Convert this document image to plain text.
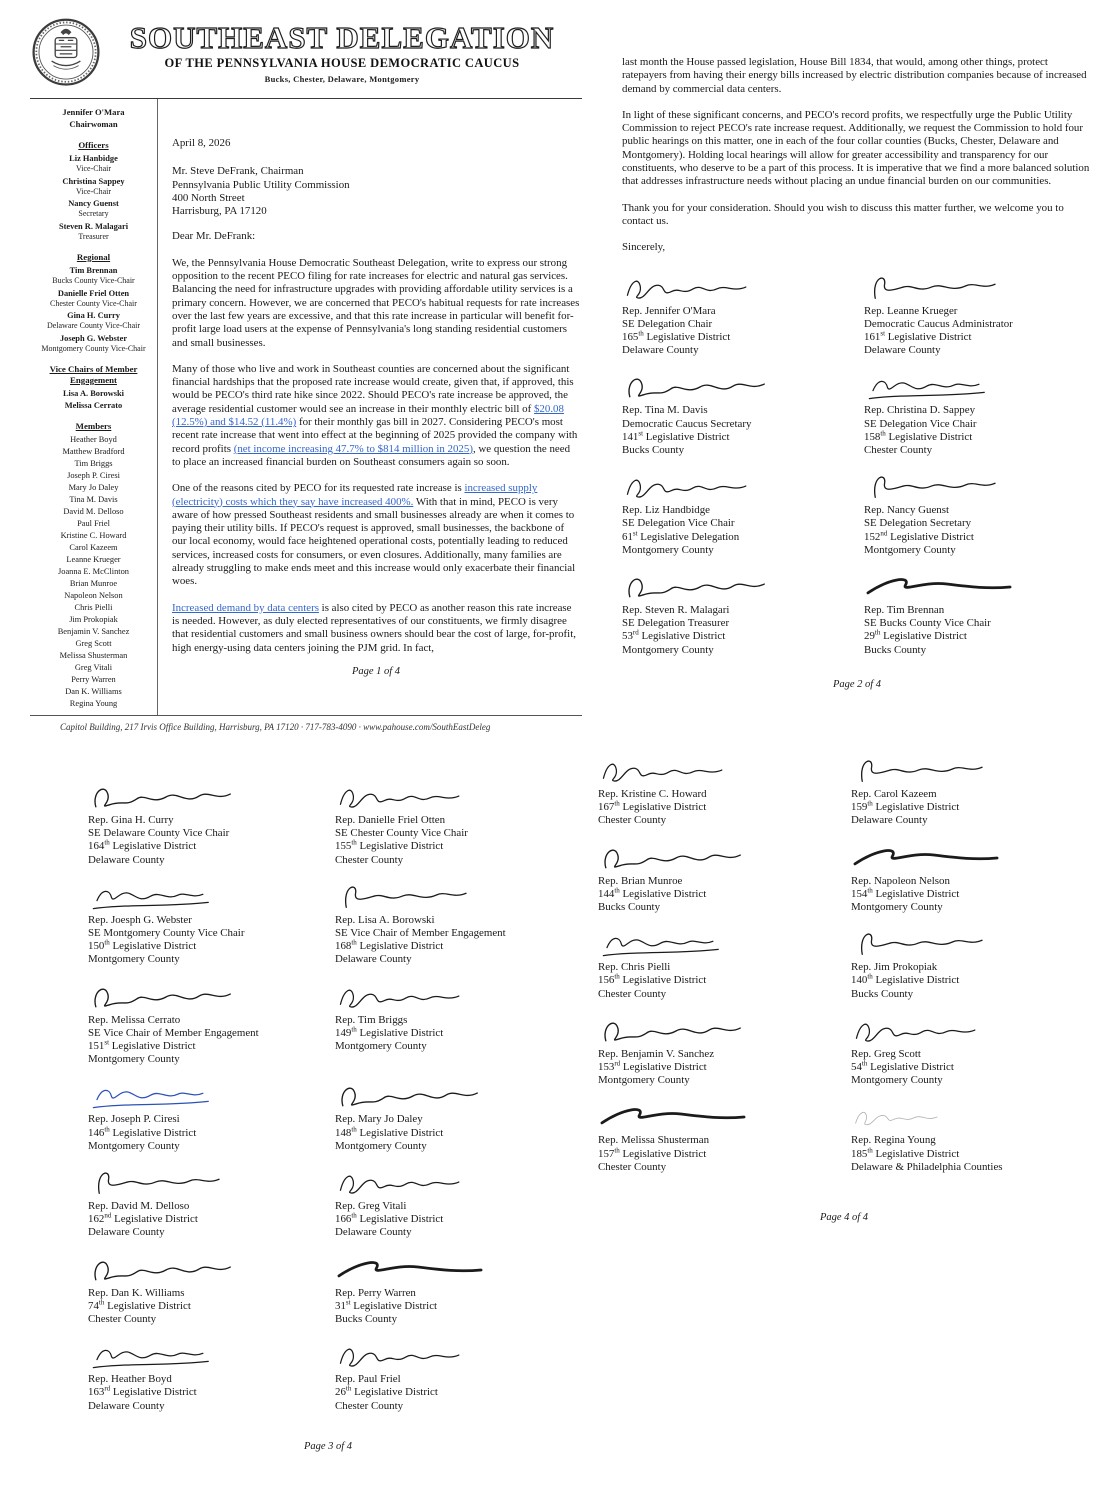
SOUTHEAST DELEGATION
OF THE PENNSYLVANIA HOUSE DEMOCRATIC CAUCUS
Bucks, Chester, Delaware, Montgomery
Jennifer O'Mara
Chairwoman
Officers
Liz Hanbidge
Vice-Chair
Christina Sappey
Vice-Chair
Nancy Guenst
Secretary
Steven R. Malagari
Treasurer
Regional
Tim Brennan
Bucks County Vice-Chair
Danielle Friel Otten
Chester County Vice-Chair
Gina H. Curry
Delaware County Vice-Chair
Joseph G. Webster
Montgomery County Vice-Chair
Vice Chairs of Member Engagement
Lisa A. Borowski
Melissa Cerrato
Members
Heather Boyd
Matthew Bradford
Tim Briggs
Joseph P. Ciresi
Mary Jo Daley
Tina M. Davis
David M. Delloso
Paul Friel
Kristine C. Howard
Carol Kazeem
Leanne Krueger
Joanna E. McClinton
Brian Munroe
Napoleon Nelson
Chris Pielli
Jim Prokopiak
Benjamin V. Sanchez
Greg Scott
Melissa Shusterman
Greg Vitali
Perry Warren
Dan K. Williams
Regina Young
April 8, 2026
Mr. Steve DeFrank, Chairman
Pennsylvania Public Utility Commission
400 North Street
Harrisburg, PA 17120
Dear Mr. DeFrank:

We, the Pennsylvania House Democratic Southeast Delegation, write to express our strong opposition to the recent PECO filing for rate increases for electric and natural gas services. Balancing the need for infrastructure upgrades with providing affordable utility services is a primary concern. However, we are concerned that PECO's habitual requests for rate increases over the last few years are excessive, and that this rate increase in particular will benefit for-profit large load users at the expense of Pennsylvania's long standing residential customers and small businesses.

Many of those who live and work in Southeast counties are concerned about the significant financial hardships that the proposed rate increase would create, given that, if approved, this would be PECO's third rate hike since 2022. Should PECO's rate increase be approved, the average residential customer would see an increase in their monthly electric bill of $20.08 (12.5%) and $14.52 (11.4%) for their monthly gas bill in 2027. Considering PECO's most recent rate increase that went into effect at the beginning of 2025 provided the company with record profits (net income increasing 47.7% to $814 million in 2025), we question the need to place an increased financial burden on Southeast consumers again so soon.

One of the reasons cited by PECO for its requested rate increase is increased supply (electricity) costs which they say have increased 400%. With that in mind, PECO is very aware of how pressed Southeast residents and small businesses already are when it comes to paying their utility bills. If PECO's request is approved, small businesses, the backbone of our local economy, would face heightened operational costs, potentially leading to reduced services, increased costs for consumers, or even closures. Additionally, many families are already struggling to make ends meet and this increase would only exacerbate their financial woes.

Increased demand by data centers is also cited by PECO as another reason this rate increase is needed. However, as duly elected representatives of our constituents, we firmly disagree that residential customers and small business owners should bear the cost of large, for-profit, high energy-using data centers joining the PJM grid. In fact,

Page 1 of 4
Capitol Building, 217 Irvis Office Building, Harrisburg, PA 17120 · 717-783-4090 · www.pahouse.com/SouthEastDeleg

last month the House passed legislation, House Bill 1834, that would, among other things, protect ratepayers from having their energy bills increased by electric distribution companies because of increased demand by commercial data centers.

In light of these significant concerns, and PECO's record profits, we respectfully urge the Public Utility Commission to reject PECO's rate increase request. Additionally, we request the Commission to hold four public hearings on this matter, one in each of the four collar counties (Bucks, Chester, Delaware and Montgomery). Holding local hearings will allow for greater accessibility and transparency for our constituents, who deserve to be a part of this process. It is imperative that we find a more balanced solution that addresses infrastructure needs without placing an undue financial burden on our communities.

Thank you for your consideration. Should you wish to discuss this matter further, we welcome you to contact us.

Sincerely,
Rep. Jennifer O'Mara
SE Delegation Chair
165th Legislative District
Delaware County
Rep. Leanne Krueger
Democratic Caucus Administrator
161st Legislative District
Delaware County
Rep. Tina M. Davis
Democratic Caucus Secretary
141st Legislative District
Bucks County
Rep. Christina D. Sappey
SE Delegation Vice Chair
158th Legislative District
Chester County
Rep. Liz Handbidge
SE Delegation Vice Chair
61st Legislative Delegation
Montgomery County
Rep. Nancy Guenst
SE Delegation Secretary
152nd Legislative District
Montgomery County
Rep. Steven R. Malagari
SE Delegation Treasurer
53rd Legislative District
Montgomery County
Rep. Tim Brennan
SE Bucks County Vice Chair
29th Legislative District
Bucks County
Page 2 of 4
Rep. Gina H. Curry
SE Delaware County Vice Chair
164th Legislative District
Delaware County
Rep. Danielle Friel Otten
SE Chester County Vice Chair
155th Legislative District
Chester County
Rep. Joesph G. Webster
SE Montgomery County Vice Chair
150th Legislative District
Montgomery County
Rep. Lisa A. Borowski
SE Vice Chair of Member Engagement
168th Legislative District
Delaware County
Rep. Melissa Cerrato
SE Vice Chair of Member Engagement
151st Legislative District
Montgomery County
Rep. Tim Briggs
149th Legislative District
Montgomery County
Rep. Joseph P. Ciresi
146th Legislative District
Montgomery County
Rep. Mary Jo Daley
148th Legislative District
Montgomery County
Rep. David M. Delloso
162nd Legislative District
Delaware County
Rep. Greg Vitali
166th Legislative District
Delaware County
Rep. Dan K. Williams
74th Legislative District
Chester County
Rep. Perry Warren
31st Legislative District
Bucks County
Rep. Heather Boyd
163rd Legislative District
Delaware County
Rep. Paul Friel
26th Legislative District
Chester County
Page 3 of 4
Rep. Kristine C. Howard
167th Legislative District
Chester County
Rep. Carol Kazeem
159th Legislative District
Delaware County
Rep. Brian Munroe
144th Legislative District
Bucks County
Rep. Napoleon Nelson
154th Legislative District
Montgomery County
Rep. Chris Pielli
156th Legislative District
Chester County
Rep. Jim Prokopiak
140th Legislative District
Bucks County
Rep. Benjamin V. Sanchez
153rd Legislative District
Montgomery County
Rep. Greg Scott
54th Legislative District
Montgomery County
Rep. Melissa Shusterman
157th Legislative District
Chester County
Rep. Regina Young
185th Legislative District
Delaware & Philadelphia Counties
Page 4 of 4
